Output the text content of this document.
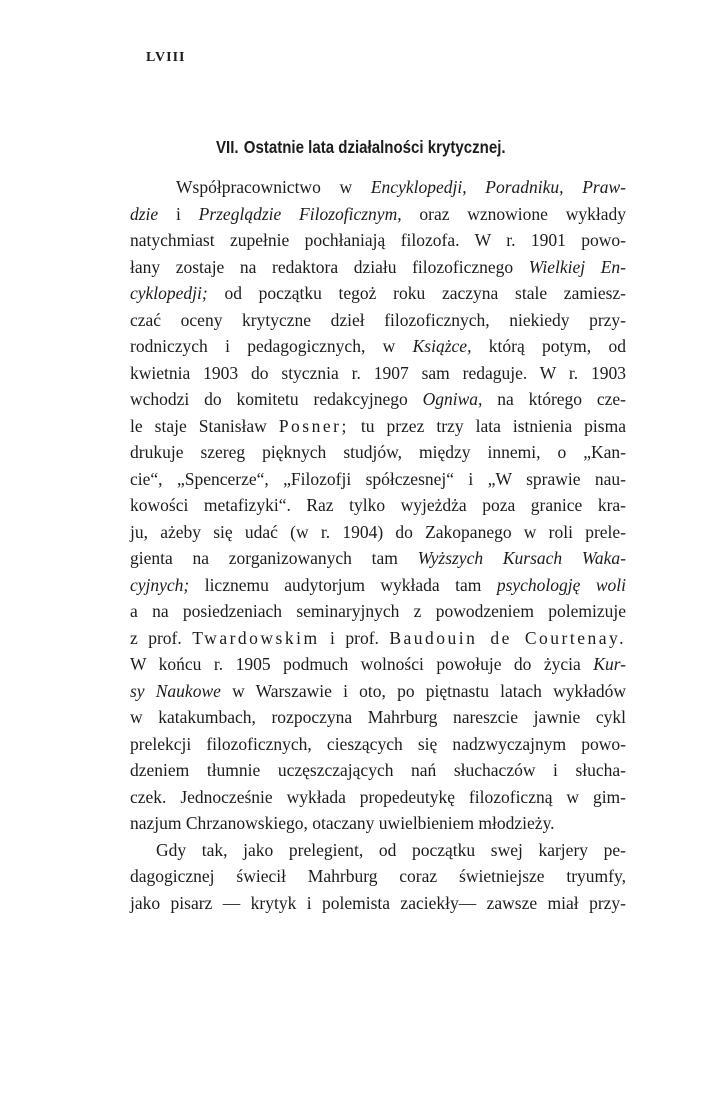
LVIII
VII. Ostatnie lata działalności krytycznej.
Współpracownictwo w Encyklopedji, Poradniku, Praw-
dzie i Przeglądzie Filozoficznym, oraz wznowione wykłady
natychmiast zupełnie pochłaniają filozofa. W r. 1901 powo-
łany zostaje na redaktora działu filozoficznego Wielkiej En-
cyklopedji; od początku tegoż roku zaczyna stale zamiesz-
czać oceny krytyczne dzieł filozoficznych, niekiedy przy-
rodniczych i pedagogicznych, w Książce, którą potym, od
kwietnia 1903 do stycznia r. 1907 sam redaguje. W r. 1903
wchodzi do komitetu redakcyjnego Ogniwa, na którego cze-
le staje Stanisław Posner; tu przez trzy lata istnienia pisma
drukuje szereg pięknych studjów, między innemi, o „Kan-
cie“, „Spencerze“, „Filozofji spółczesnej“ i „W sprawie nau-
kowości metafizyki“. Raz tylko wyjeżdża poza granice kra-
ju, ażeby się udać (w r. 1904) do Zakopanego w roli prele-
gienta na zorganizowanych tam Wyższych Kursach Waka-
cyjnych; licznemu audytorjum wykłada tam psychologję woli
a na posiedzeniach seminaryjnych z powodzeniem polemizuje
z prof. Twardowskim i prof. Baudouin de Courtenay.
W końcu r. 1905 podmuch wolności powołuje do życia Kur-
sy Naukowe w Warszawie i oto, po piętnastu latach wykładów
w katakumbach, rozpoczyna Mahrburg nareszcie jawnie cykl
prelekcji filozoficznych, cieszących się nadzwyczajnym powo-
dzeniem tłumnie uczęszczających nań słuchaczów i słucha-
czek. Jednocześnie wykłada propedeutykę filozoficzną w gim-
nazjum Chrzanowskiego, otaczany uwielbieniem młodzieży.
Gdy tak, jako prelegient, od początku swej karjery pe-
dagogicznej świecił Mahrburg coraz świetniejsze tryumfy,
jako pisarz — krytyk i polemista zaciekły— zawsze miał przy-
